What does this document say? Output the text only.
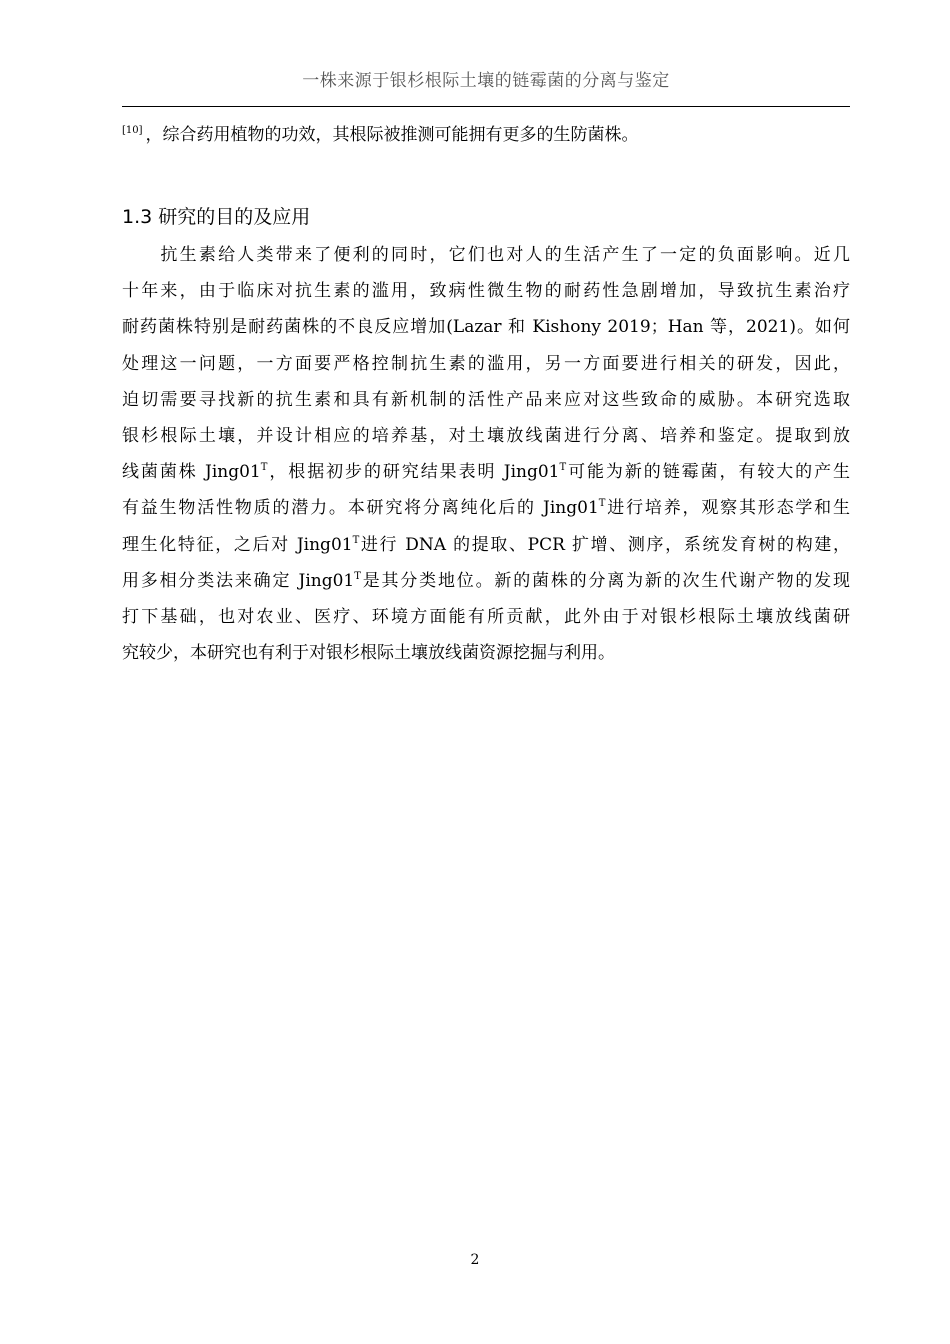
一株来源于银杉根际土壤的链霉菌的分离与鉴定
[10] ，综合药用植物的功效，其根际被推测可能拥有更多的生防菌株。
1.3 研究的目的及应用
　　抗生素给人类带来了便利的同时，它们也对人的生活产生了一定的负面影响。近几
十年来，由于临床对抗生素的滥用，致病性微生物的耐药性急剧增加，导致抗生素治疗
耐药菌株特别是耐药菌株的不良反应增加(Lazar 和 Kishony 2019；Han 等，2021)。如何
处理这一问题，一方面要严格控制抗生素的滥用，另一方面要进行相关的研发，因此，
迫切需要寻找新的抗生素和具有新机制的活性产品来应对这些致命的威胁。本研究选取
银杉根际土壤，并设计相应的培养基，对土壤放线菌进行分离、培养和鉴定。提取到放
线菌菌株 $Jing01^T$，根据初步的研究结果表明 $Jing01^T$可能为新的链霉菌，有较大的产生
有益生物活性物质的潜力。本研究将分离纯化后的 $Jing01^T$进行培养，观察其形态学和生
理生化特征，之后对 $Jing01^T$进行 DNA 的提取、PCR 扩增、测序，系统发育树的构建，
用多相分类法来确定 $Jing01^T$是其分类地位。新的菌株的分离为新的次生代谢产物的发现
打下基础，也对农业、医疗、环境方面能有所贡献，此外由于对银杉根际土壤放线菌研
究较少，本研究也有利于对银杉根际土壤放线菌资源挖掘与利用。
2
